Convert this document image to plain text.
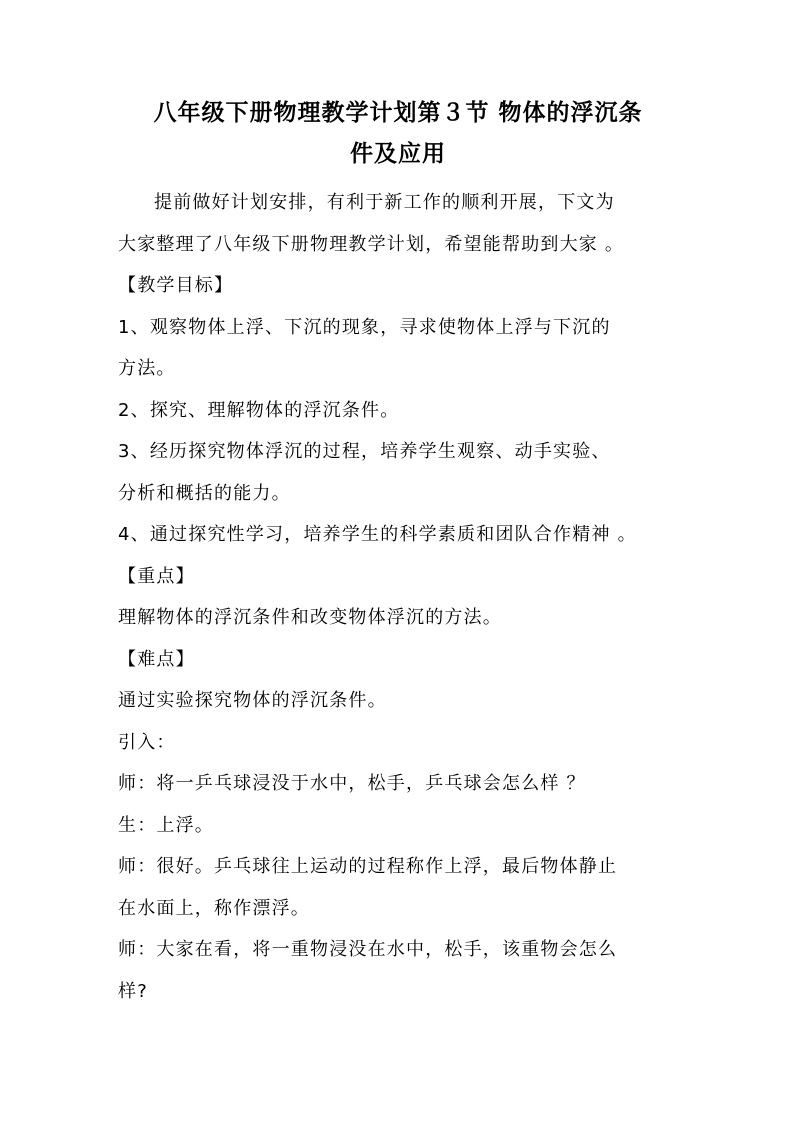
八年级下册物理教学计划第３节 物体的浮沉条
件及应用

提前做好计划安排，有利于新工作的顺利开展，下文为

大家整理了八年级下册物理教学计划，希望能帮助到大家 。

【教学目标】

1、观察物体上浮、下沉的现象，寻求使物体上浮与下沉的

方法。

2、探究、理解物体的浮沉条件。

3、经历探究物体浮沉的过程，培养学生观察、动手实验、

分析和概括的能力。

4、通过探究性学习，培养学生的科学素质和团队合作精神 。

【重点】

理解物体的浮沉条件和改变物体浮沉的方法。

【难点】

通过实验探究物体的浮沉条件。

引入：

师：将一乒乓球浸没于水中，松手，乒乓球会怎么样 ？

生：上浮。

师：很好。乒乓球往上运动的过程称作上浮，最后物体静止

在水面上，称作漂浮。

师：大家在看，将一重物浸没在水中，松手，该重物会怎么

样?
